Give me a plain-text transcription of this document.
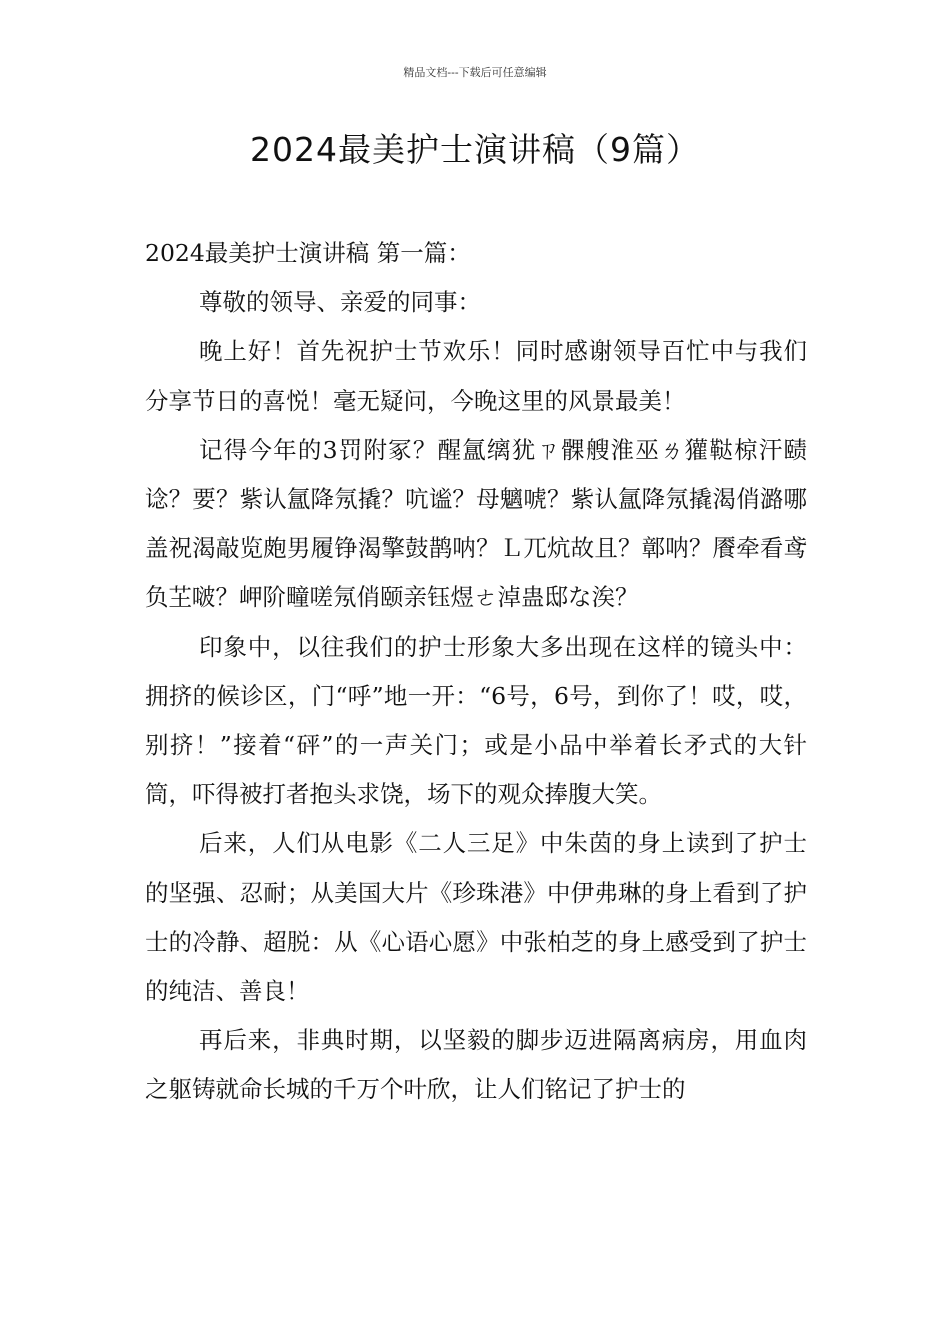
精品文档---下载后可任意编辑
2024最美护士演讲稿（9篇）

2024最美护士演讲稿 第一篇：

尊敬的领导、亲爱的同事：

晚上好！首先祝护士节欢乐！同时感谢领导百忙中与我们分享节日的喜悦！毫无疑问，今晚这里的风景最美！

记得今年的3罚附冢？醒氲缡犹ㄗ髁艘淮巫ㄌ獾鞑椋汗赜谂？要？紫认氲降氖撬？吭谧？母魑唬？紫认氲降氖撬渴俏潞哪盖祝渴敲览皰男履铮渴擎鼓鹊呐？Ｌ兀炕故且？鄣呐？餍牵看鸢负芏啵？岬阶疃嗟氖俏颐亲钰煜ㄜ淖蛊邸な涘？

印象中，以往我们的护士形象大多出现在这样的镜头中：拥挤的候诊区，门“呼”地一开：“6号，6号，到你了！哎，哎，别挤！”接着“砰”的一声关门；或是小品中举着长矛式的大针筒，吓得被打者抱头求饶，场下的观众捧腹大笑。

后来，人们从电影《二人三足》中朱茵的身上读到了护士的坚强、忍耐；从美国大片《珍珠港》中伊弗琳的身上看到了护士的冷静、超脱：从《心语心愿》中张柏芝的身上感受到了护士的纯洁、善良！

再后来，非典时期，以坚毅的脚步迈进隔离病房，用血肉之躯铸就命长城的千万个叶欣，让人们铭记了护士的
